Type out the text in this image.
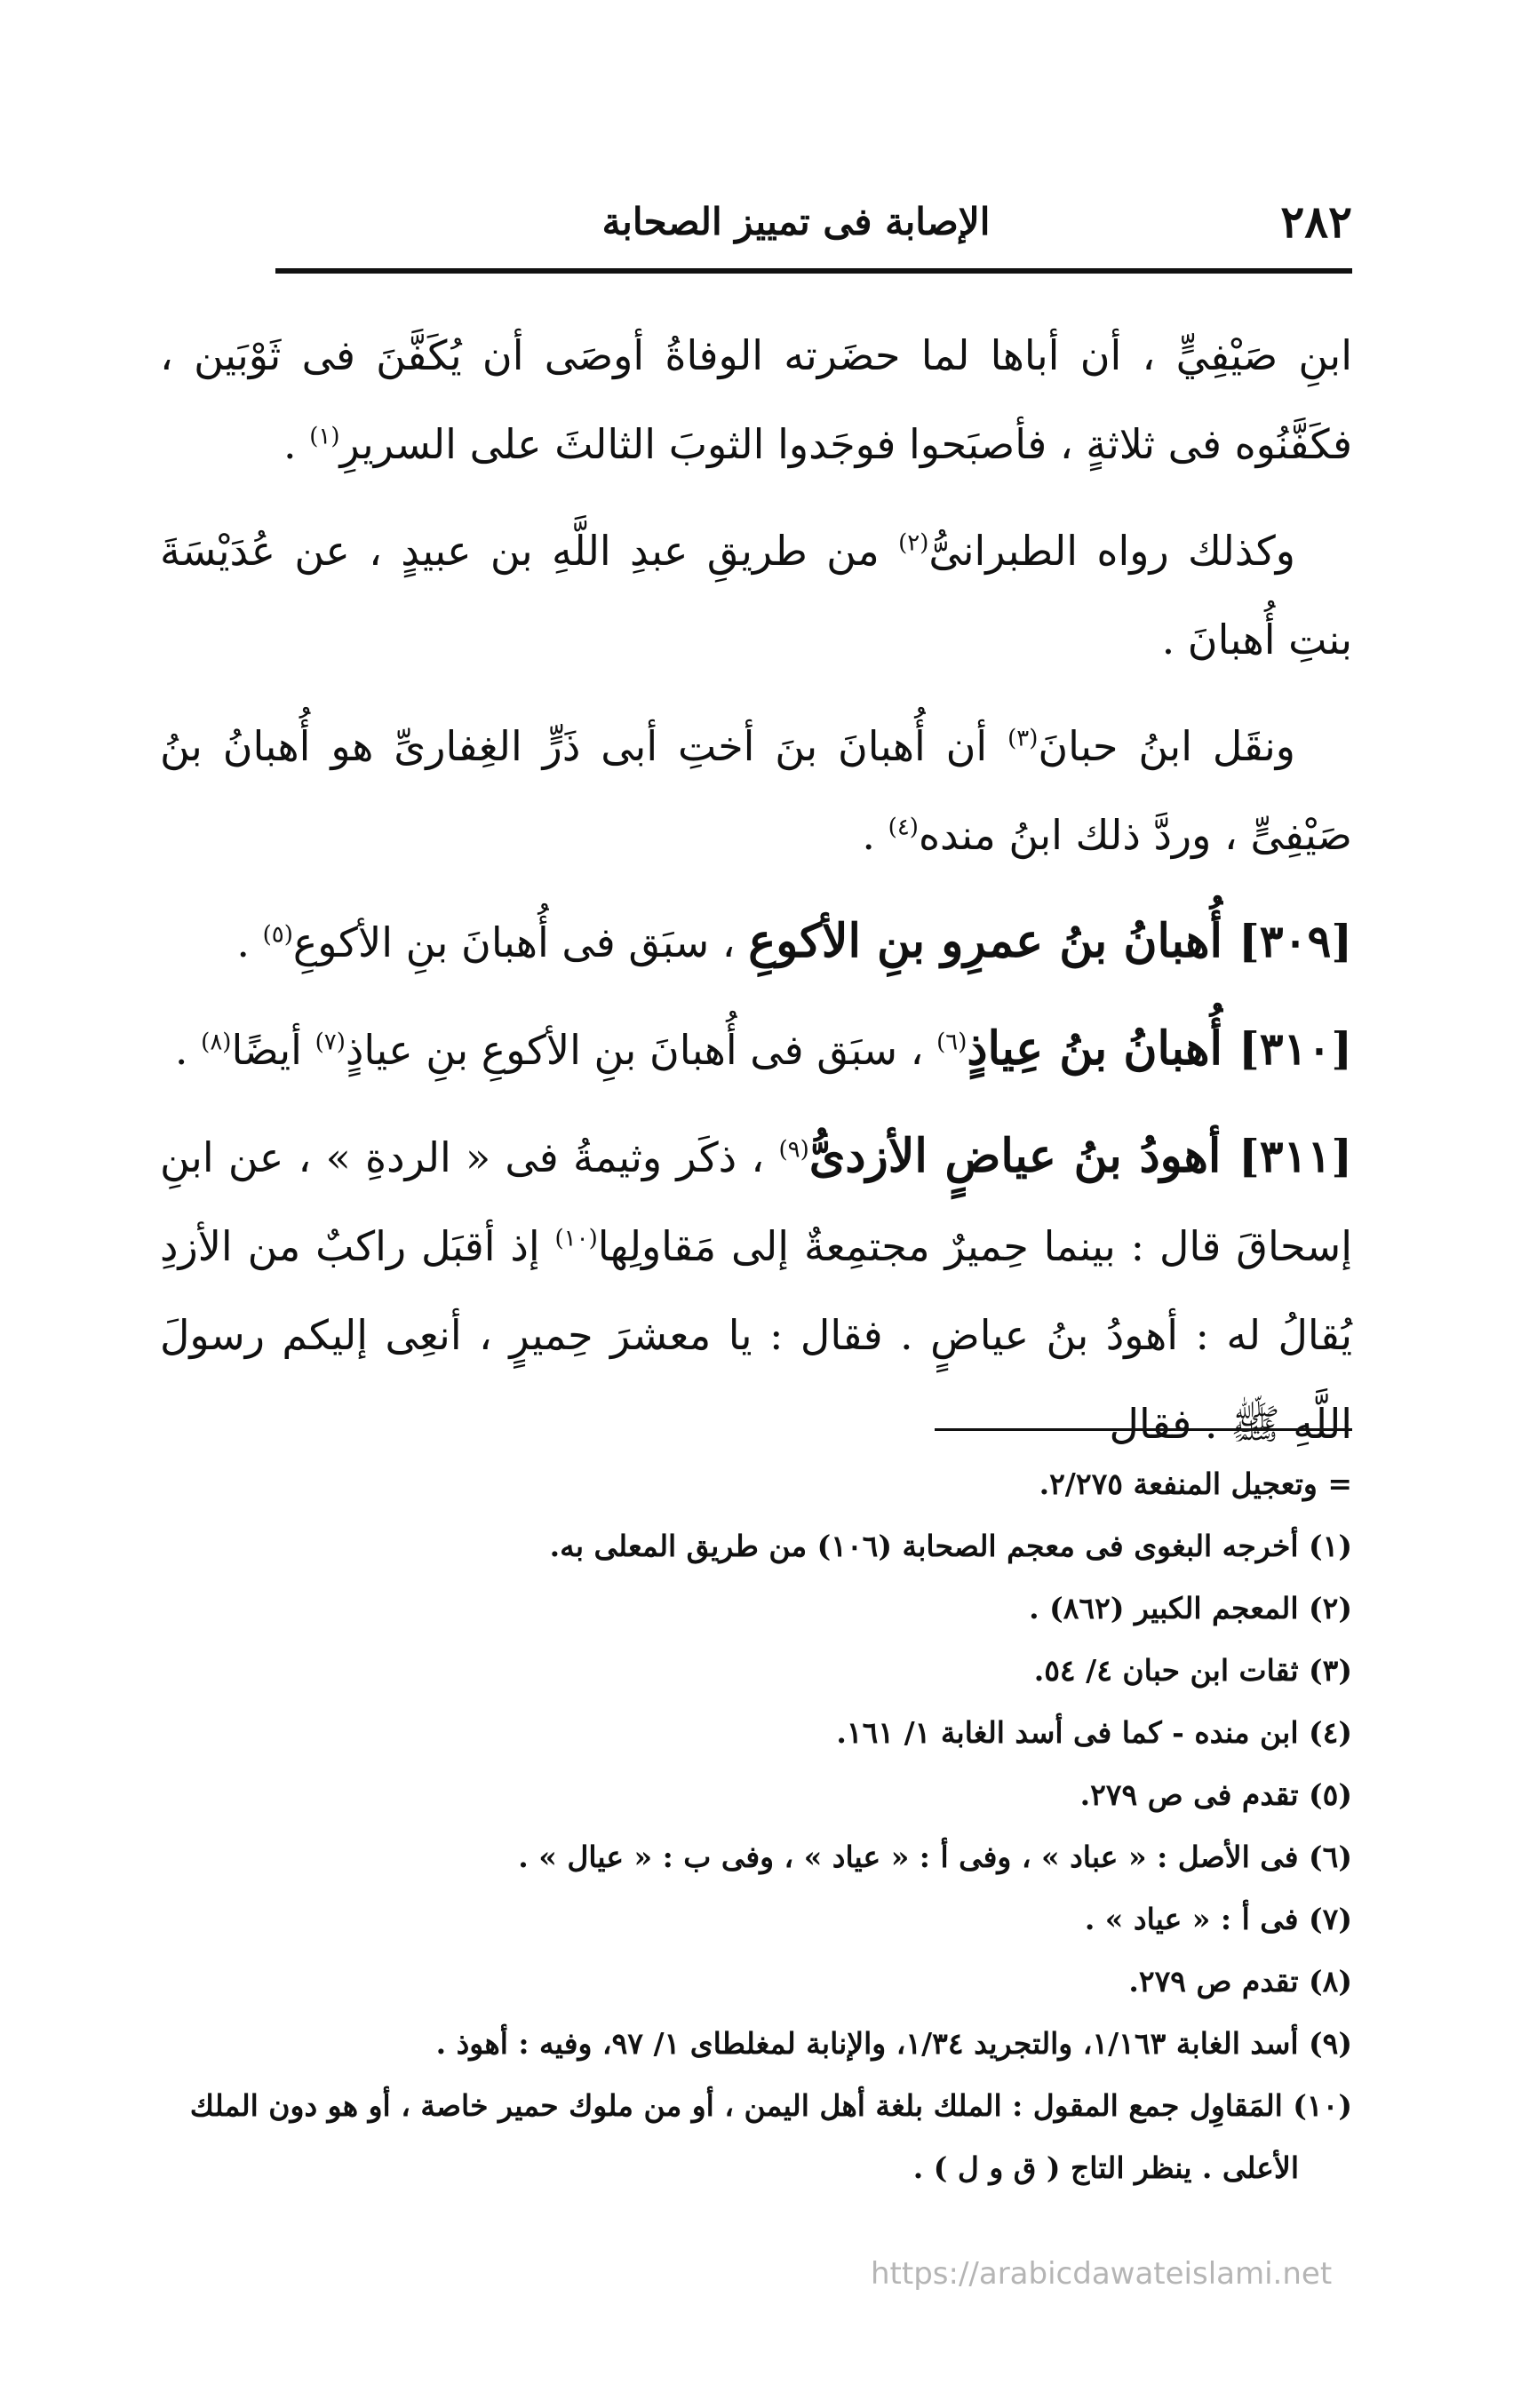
٢٨٢
الإصابة فى تمييز الصحابة

ابنِ صَيْفِيٍّ ، أن أباها لما حضَرته الوفاةُ أوصَى أن يُكَفَّنَ فى ثَوْبَين ، فكَفَّنُوه فى ثلاثةٍ ، فأصبَحوا فوجَدوا الثوبَ الثالثَ على السريرِ$^{(١)}$ .

وكذلك رواه الطبرانىُّ$^{(٢)}$ من طريقِ عبدِ اللَّهِ بن عبيدٍ ، عن عُدَيْسَةَ بنتِ أُهبانَ .

ونقَل ابنُ حبانَ$^{(٣)}$ أن أُهبانَ بنَ أختِ أبى ذَرٍّ الغِفارىِّ هو أُهبانُ بنُ صَيْفِىٍّ ، وردَّ ذلك ابنُ منده$^{(٤)}$ .

[٣٠٩] أُهبانُ بنُ عمرِو بنِ الأكوعِ ، سبَق فى أُهبانَ بنِ الأكوعِ$^{(٥)}$ .

[٣١٠] أُهبانُ بنُ عِياذٍ$^{(٦)}$ ، سبَق فى أُهبانَ بنِ الأكوعِ بنِ عياذٍ$^{(٧)}$ أيضًا$^{(٨)}$ .

[٣١١] أهودُ بنُ عياضٍ الأزدىُّ$^{(٩)}$ ، ذكَر وثيمةُ فى « الردةِ » ، عن ابنِ إسحاقَ قال : بينما حِميرٌ مجتمِعةٌ إلى مَقاولِها$^{(١٠)}$ إذ أقبَل راكبٌ من الأزدِ يُقالُ له : أهودُ بنُ عياضٍ . فقال : يا معشرَ حِميرٍ ، أنعِى إليكم رسولَ اللَّهِ ﷺ . فقال

= وتعجيل المنفعة ٢/٢٧٥.

(١) أخرجه البغوى فى معجم الصحابة (١٠٦) من طريق المعلى به.

(٢) المعجم الكبير (٨٦٢) .

(٣) ثقات ابن حبان ٤/ ٥٤.

(٤) ابن منده - كما فى أسد الغابة ١/ ١٦١.

(٥) تقدم فى ص ٢٧٩.

(٦) فى الأصل : « عباد » ، وفى أ : « عياد » ، وفى ب : « عيال » .

(٧) فى أ : « عياد » .

(٨) تقدم ص ٢٧٩.

(٩) أسد الغابة ١/١٦٣، والتجريد ١/٣٤، والإنابة لمغلطاى ١/ ٩٧، وفيه : أهوذ .

(١٠) المَقاوِل جمع المقول : الملك بلغة أهل اليمن ، أو من ملوك حمير خاصة ، أو هو دون الملك

الأعلى . ينظر التاج ( ق و ل ) .

https://arabicdawateislami.net
